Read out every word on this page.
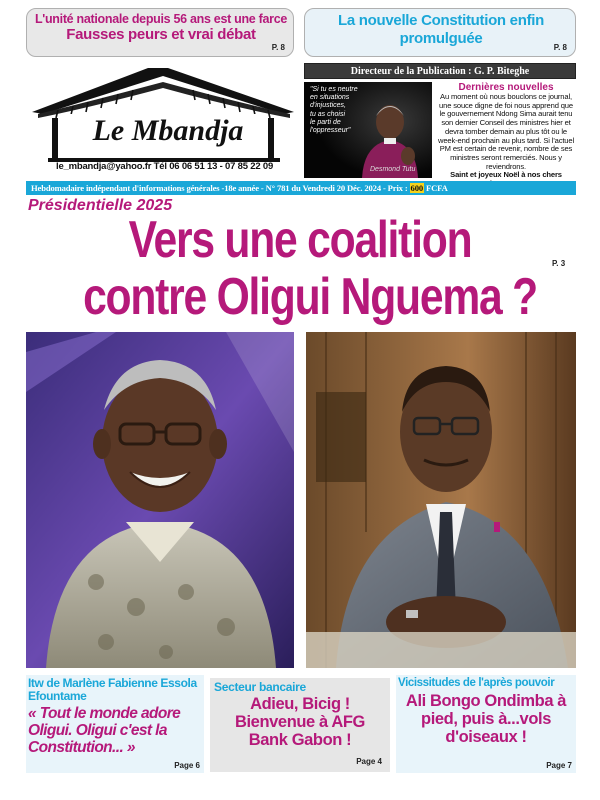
L'unité nationale depuis 56 ans est une farce
Fausses peurs et vrai débat
P. 8
La nouvelle Constitution enfin
promulguée
P. 8
Le Mbandja
le_mbandja@yahoo.fr Tél 06 06 51 13 - 07 85 22 09
Directeur de la Publication : G. P. Biteghe
"Si tu es neutre
en situations
d'injustices,
tu as choisi
le parti de
l'oppresseur"
Desmond Tutu
Dernières nouvelles
Au moment où nous bouclons ce journal, une souce digne de foi nous apprend que le gouvernement Ndong Sima aurait tenu son dernier Conseil des ministres hier et devra tomber demain au plus tôt ou le week-end prochain au plus tard. Si l'actuel PM est certain de revenir, nombre de ses ministres seront remerciés. Nous y reviendrons.
Saint et joyeux Noël à nos chers
Hebdomadaire indépendant d'informations générales -18e année - N° 781 du Vendredi 20 Déc. 2024 - Prix : 600 FCFA
Présidentielle 2025
Vers une coalition
contre Oligui Nguema ?
P. 3
Itw de Marlène Fabienne Essola Efountame
« Tout le monde adore Oligui. Oligui c'est la Constitution... »
Page 6
Secteur bancaire
Adieu, Bicig ! Bienvenue à AFG Bank Gabon !
Page 4
Vicissitudes de l'après pouvoir
Ali Bongo Ondimba à pied, puis à...vols d'oiseaux !
Page 7
